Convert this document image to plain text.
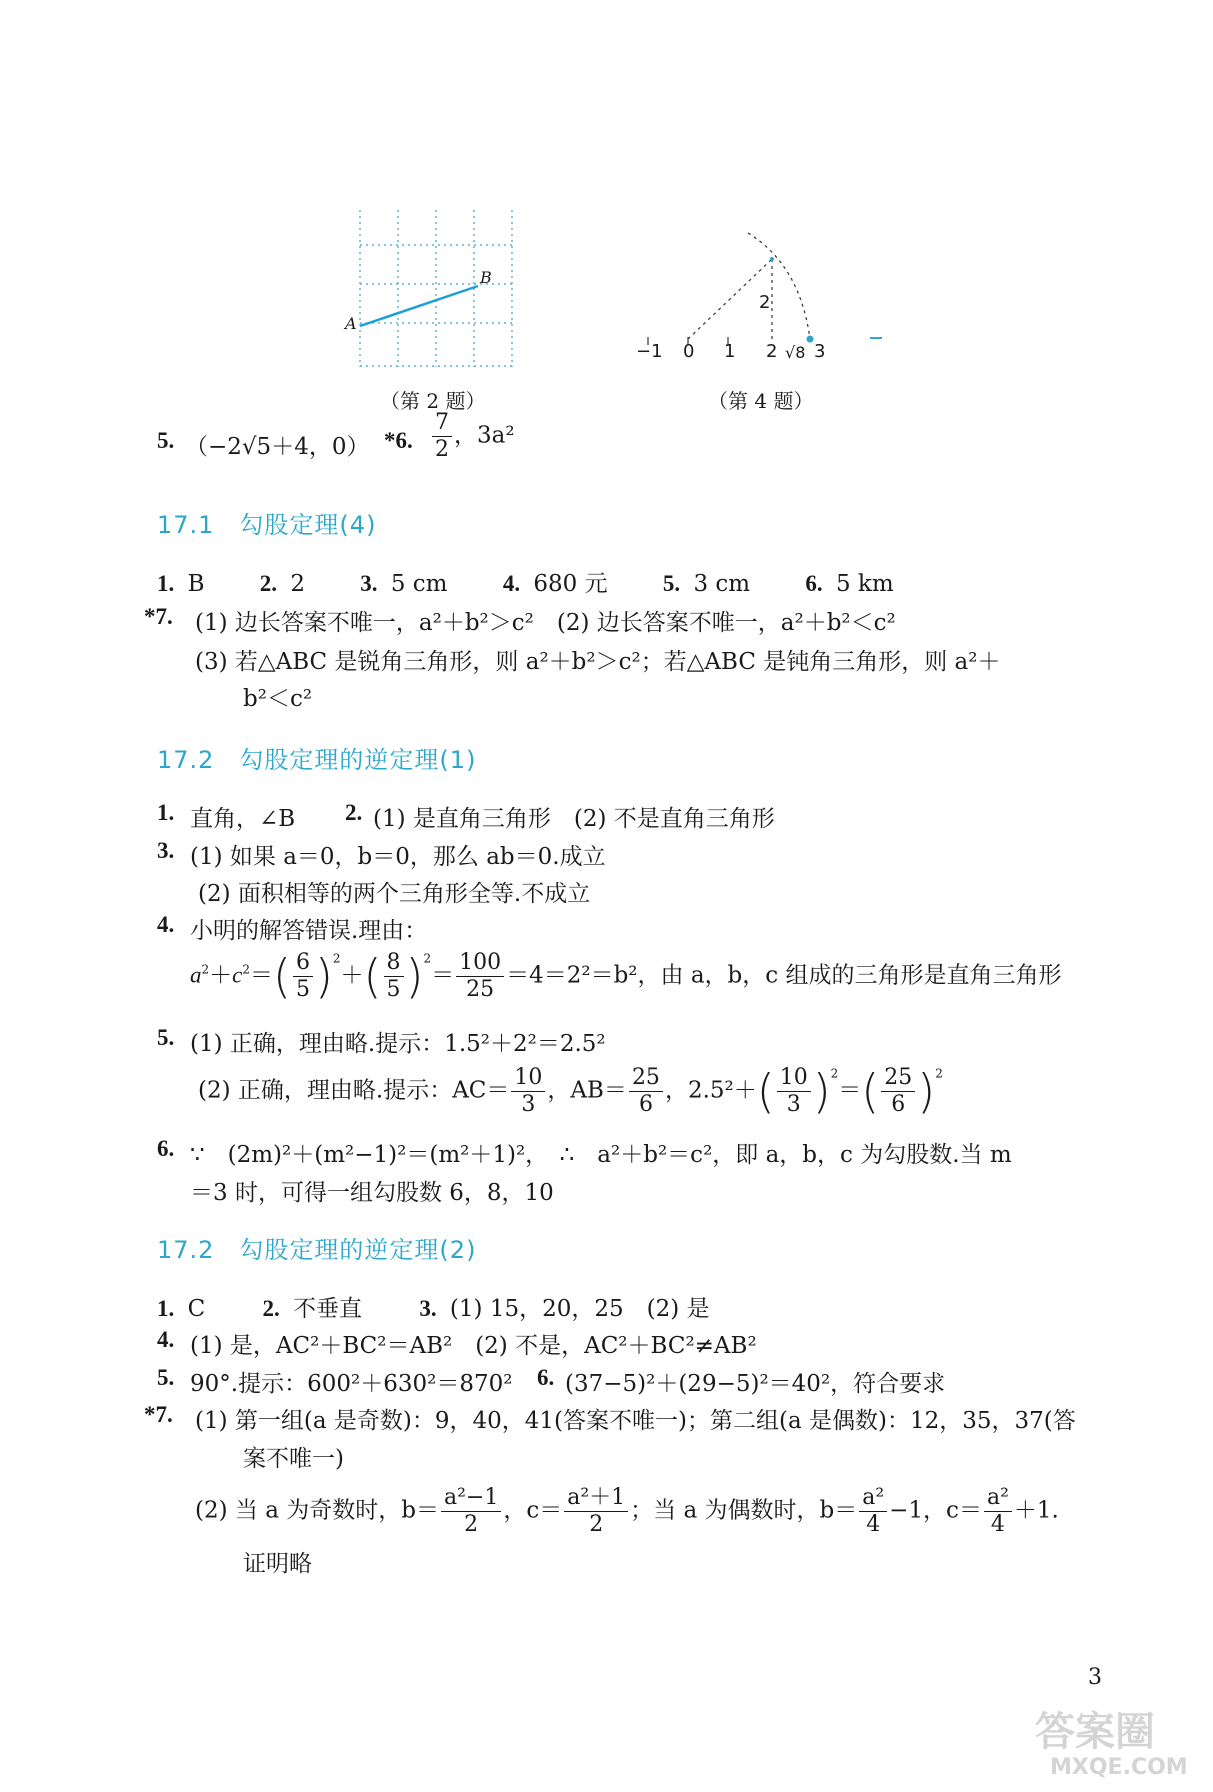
A
B
（第 2 题）
−1 0 1 2 √8 3
2
（第 4 题）
5. （−2√5＋4，0） *6. $\frac{7}{2}$ ，3a²
17.1　勾股定理(4)
1. B 2. 2 3. 5 cm 4. 680 元 5. 3 cm 6. 5 km
*7. (1) 边长答案不唯一，a²＋b²＞c²　(2) 边长答案不唯一，a²＋b²＜c²
(3) 若△ABC 是锐角三角形，则 a²＋b²＞c²；若△ABC 是钝角三角形，则 a²＋
b²＜c²
17.2　勾股定理的逆定理(1)
1. 直角，∠B 2. (1) 是直角三角形　(2) 不是直角三角形
3. (1) 如果 a＝0，b＝0，那么 ab＝0.成立
(2) 面积相等的两个三角形全等.不成立
4. 小明的解答错误.理由：
$a^2+c^2=( \frac{6}{5} )^2+( \frac{8}{5} )^2= \frac{100}{25} =4=2^2=b^2$，由 a，b，c 组成的三角形是直角三角形
5. (1) 正确，理由略.提示：1.5²＋2²＝2.5²
(2) 正确，理由略.提示：$AC= \frac{10}{3}$ ，$AB= \frac{25}{6}$ ，$2.5^2+( \frac{10}{3} )^2=( \frac{25}{6} )^2$
6. ∵　(2m)²＋(m²−1)²＝(m²＋1)²，　∴　a²＋b²＝c²，即 a，b，c 为勾股数.当 m
＝3 时，可得一组勾股数 6，8，10
17.2　勾股定理的逆定理(2)
1. C 2. 不垂直 3. (1) 15，20，25　(2) 是
4. (1) 是，AC²＋BC²＝AB²　(2) 不是，AC²＋BC²≠AB²
5. 90°.提示：600²＋630²＝870² 6. (37−5)²＋(29−5)²＝40²，符合要求
*7. (1) 第一组(a 是奇数)：9，40，41(答案不唯一)；第二组(a 是偶数)：12，35，37(答
案不唯一)
(2) 当 a 为奇数时，$b= \frac{\text{a²−1}}{2}$ ，$c= \frac{\text{a²＋1}}{2}$ ；当 a 为偶数时，$b= \frac{\text{a²}}{4} -1$，$c= \frac{\text{a²}}{4} +1$.
证明略
3
答案圈
MXQE.COM
